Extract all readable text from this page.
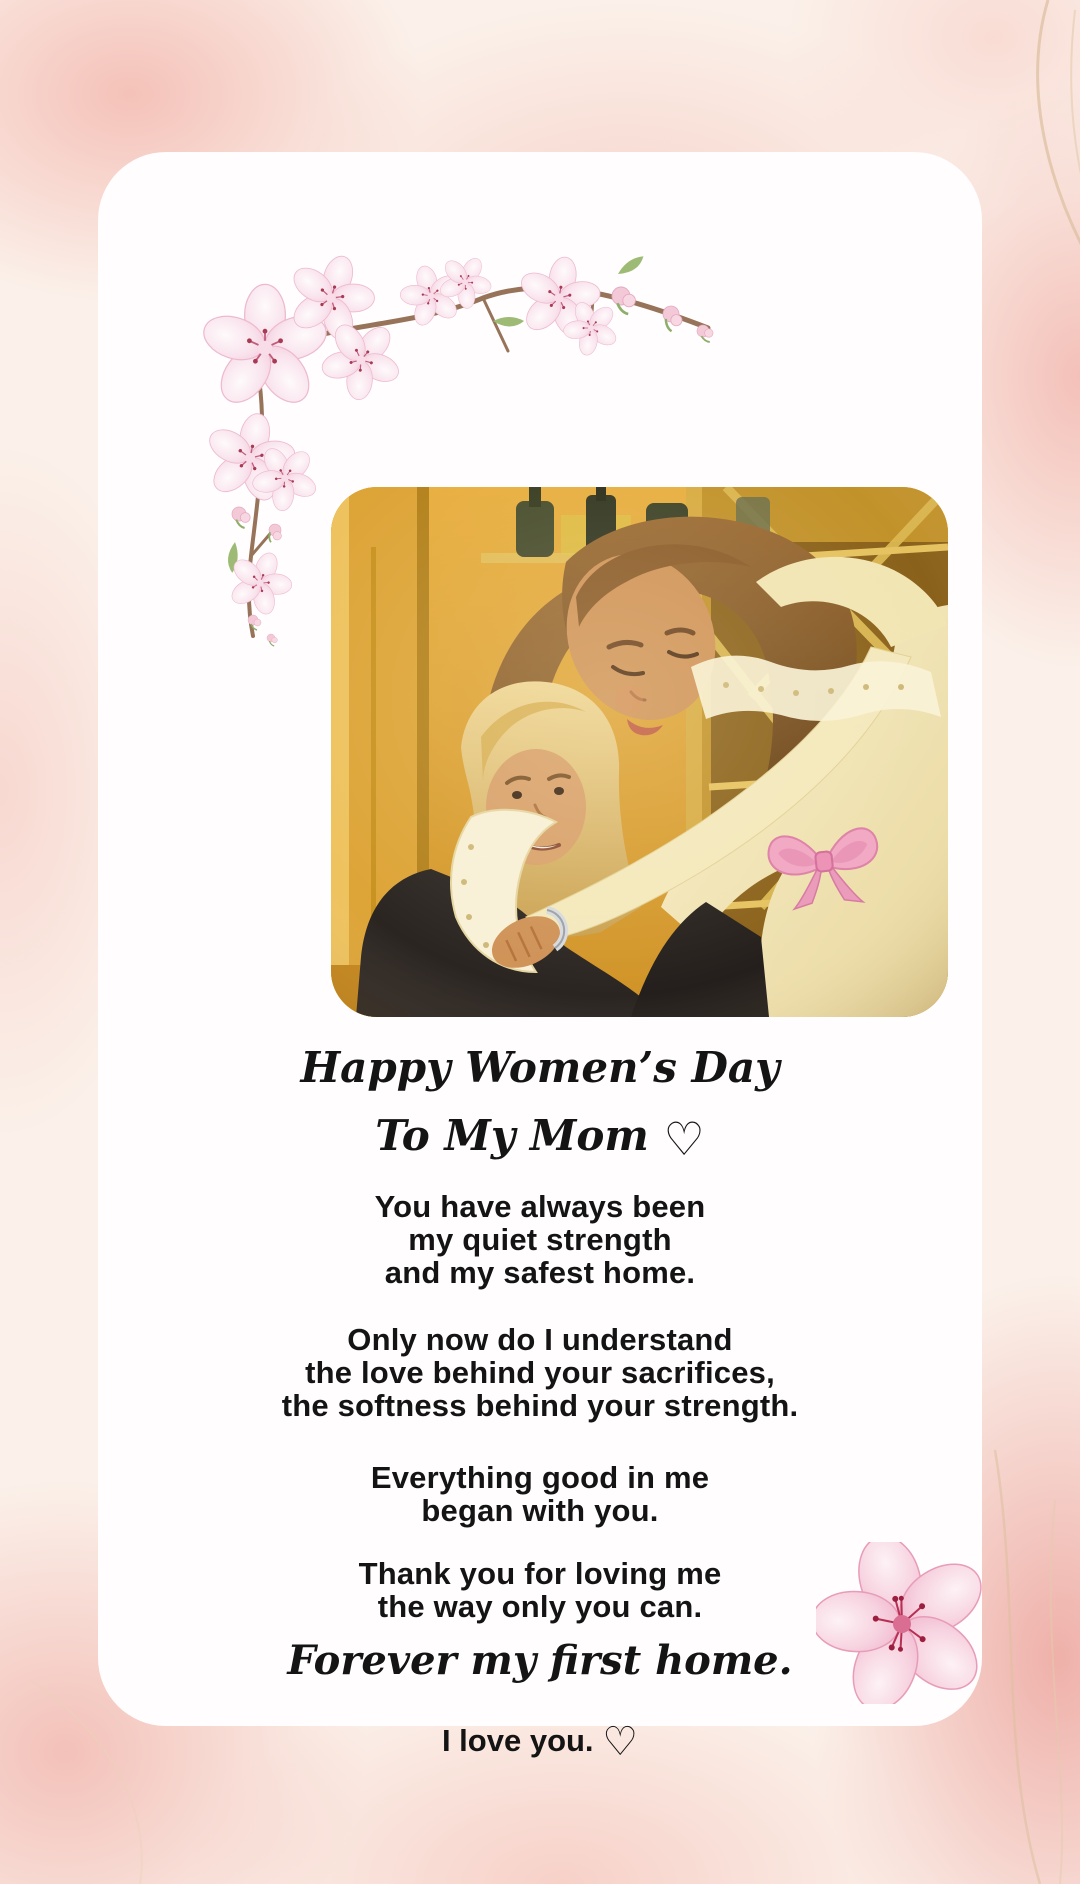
Happy Women’s Day
To My Mom ♡
You have always been
my quiet strength
and my safest home.
Only now do I understand
the love behind your sacrifices,
the softness behind your strength.
Everything good in me
began with you.
Thank you for loving me
the way only you can.
Forever my first home.
I love you. ♡
